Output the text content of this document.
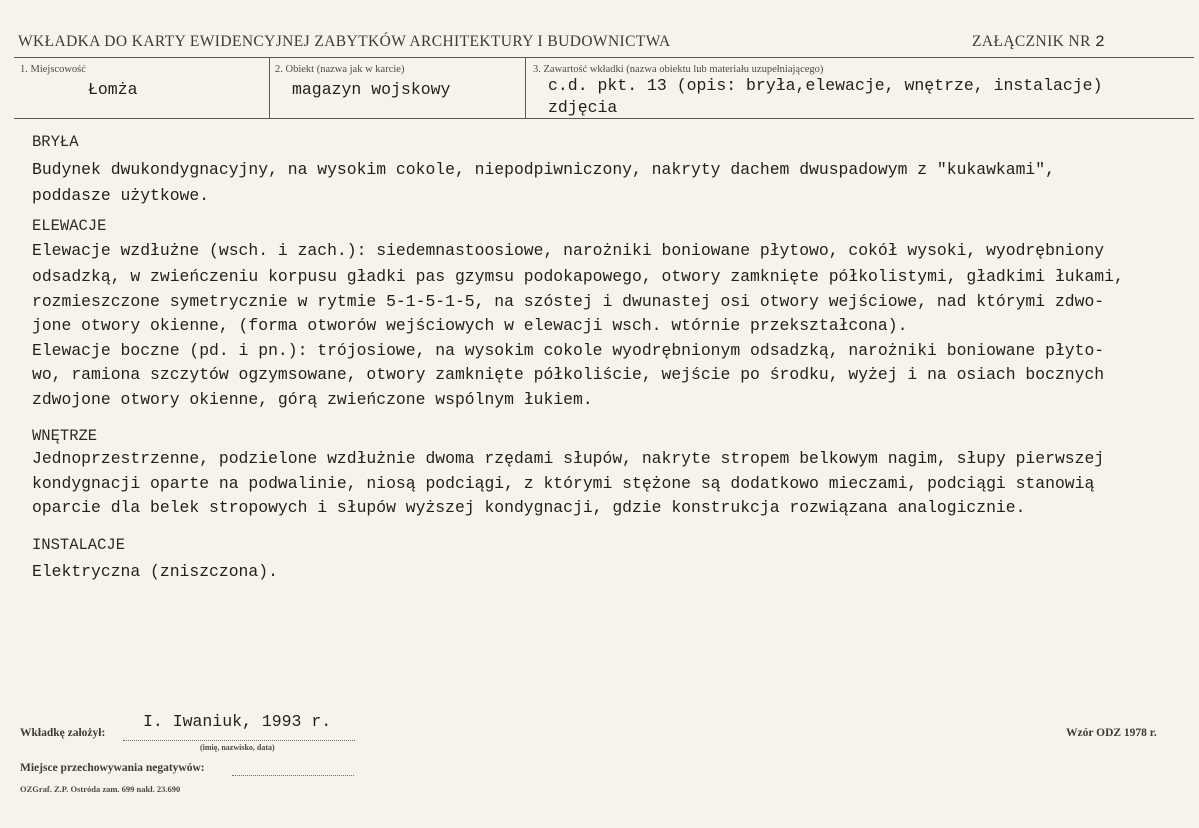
WKŁADKA DO KARTY EWIDENCYJNEJ ZABYTKÓW ARCHITEKTURY I BUDOWNICTWA	ZAŁĄCZNIK NR 2
1. Miejscowość
Łomża
2. Obiekt (nazwa jak w karcie)
magazyn wojskowy
3. Zawartość wkładki (nazwa obiektu lub materiału uzupełniającego)
c.d. pkt. 13 (opis: bryła,elewacje, wnętrze, instalacje)
zdjęcia
BRYŁA
Budynek dwukondygnacyjny, na wysokim cokole, niepodpiwniczony, nakryty dachem dwuspadowym z "kukawkami",
poddasze użytkowe.
ELEWACJE
Elewacje wzdłużne (wsch. i zach.): siedemnastoosiowe, narożniki boniowane płytowo, cokół wysoki, wyodrębniony
odsadzką, w zwieńczeniu korpusu gładki pas gzymsu podokapowego, otwory zamknięte półkolistymi, gładkimi łukami,
rozmieszczone symetrycznie w rytmie 5-1-5-1-5, na szóstej i dwunastej osi otwory wejściowe, nad którymi zdwo-
jone otwory okienne, (forma otworów wejściowych w elewacji wsch. wtórnie przekształcona).
Elewacje boczne (pd. i pn.): trójosiowe, na wysokim cokole wyodrębnionym odsadzką, narożniki boniowane płyto-
wo, ramiona szczytów ogzymsowane, otwory zamknięte półkoliście, wejście po środku, wyżej i na osiach bocznych
zdwojone otwory okienne, górą zwieńczone wspólnym łukiem.
WNĘTRZE
Jednoprzestrzenne, podzielone wzdłużnie dwoma rzędami słupów, nakryte stropem belkowym nagim, słupy pierwszej
kondygnacji oparte na podwalinie, niosą podciągi, z którymi stężone są dodatkowo mieczami, podciągi stanowią
oparcie dla belek stropowych i słupów wyższej kondygnacji, gdzie konstrukcja rozwiązana analogicznie.
INSTALACJE
Elektryczna (zniszczona).
Wkładkę założył:
I. Iwaniuk, 1993 r.
(imię, nazwisko, data)
Wzór ODZ 1978 r.
Miejsce przechowywania negatywów:
OZGraf. Z.P. Ostróda zam. 699 nakł. 23.690
